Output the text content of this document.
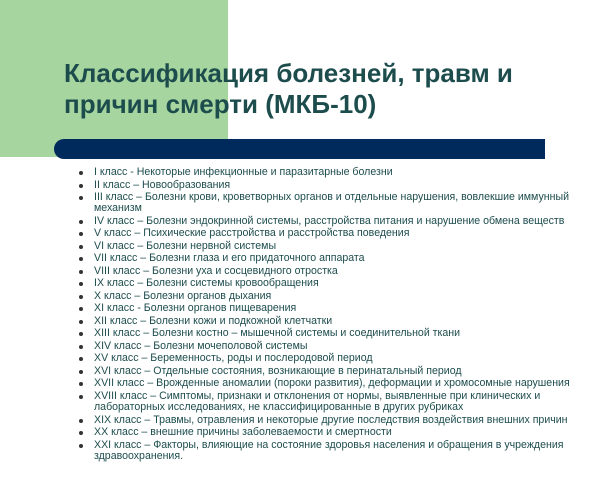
Классификация болезней, травм и
причин смерти (МКБ-10)
I класс - Некоторые инфекционные и паразитарные болезни
II класс – Новообразования
III класс – Болезни крови, кроветворных органов и отдельные нарушения, вовлекшие иммунный механизм
IV класс – Болезни эндокринной системы, расстройства питания и нарушение обмена веществ
V класс – Психические расстройства и расстройства поведения
VI класс – Болезни нервной системы
VII класс – Болезни глаза и его придаточного аппарата
VIII класс – Болезни уха и сосцевидного отростка
IX класс – Болезни системы кровообращения
X класс – Болезни органов дыхания
XI класс - Болезни органов пищеварения
XII класс – Болезни кожи и подкожной клетчатки
XIII класс – Болезни костно – мышечной системы и соединительной ткани
XIV класс – Болезни мочеполовой системы
XV класс – Беременность, роды и послеродовой период
XVI класс – Отдельные состояния, возникающие в перинатальный период
XVII класс – Врожденные аномалии (пороки развития), деформации и хромосомные нарушения
XVIII класс – Симптомы, признаки и отклонения от нормы, выявленные при клинических и лабораторных исследованиях, не классифицированные в других рубриках
XIX класс – Травмы, отравления и некоторые другие последствия воздействия внешних причин
XX класс – внешние причины заболеваемости и смертности
XXI класс – Факторы, влияющие на состояние здоровья населения и обращения в учреждения здравоохранения.
